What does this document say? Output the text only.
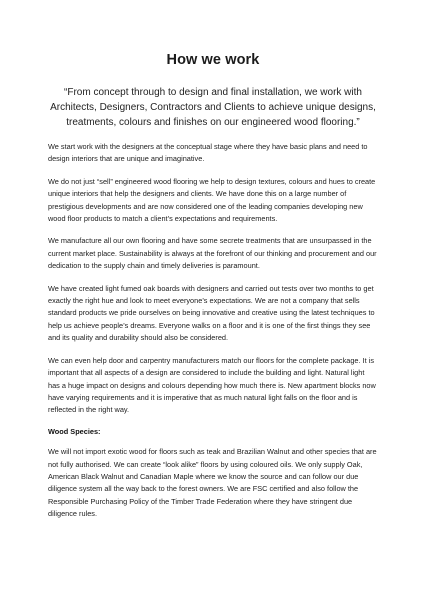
How we work

“From concept through to design and final installation, we work with Architects, Designers, Contractors and Clients to achieve unique designs, treatments, colours and finishes on our engineered wood flooring.”

We start work with the designers at the conceptual stage where they have basic plans and need to design interiors that are unique and imaginative.

We do not just “sell” engineered wood flooring we help to design textures, colours and hues to create unique interiors that help the designers and clients. We have done this on a large number of prestigious developments and are now considered one of the leading companies developing new wood floor products to match a client’s expectations and requirements.

We manufacture all our own flooring and have some secrete treatments that are unsurpassed in the current market place. Sustainability is always at the forefront of our thinking and procurement and our dedication to the supply chain and timely deliveries is paramount.

We have created light fumed oak boards with designers and carried out tests over two months to get exactly the right hue and look to meet everyone’s expectations. We are not a company that sells standard products we pride ourselves on being innovative and creative using the latest techniques to help us achieve people’s dreams. Everyone walks on a floor and it is one of the first things they see and its quality and durability should also be considered.

We can even help door and carpentry manufacturers match our floors for the complete package. It is important that all aspects of a design are considered to include the building and light. Natural light has a huge impact on designs and colours depending how much there is. New apartment blocks now have varying requirements and it is imperative that as much natural light falls on the floor and is reflected in the right way.

Wood Species:

We will not import exotic wood for floors such as teak and Brazilian Walnut and other species that are not fully authorised. We can create “look alike” floors by using coloured oils. We only supply Oak, American Black Walnut and Canadian Maple where we know the source and can follow our due diligence system all the way back to the forest owners. We are FSC certified and also follow the Responsible Purchasing Policy of the Timber Trade Federation where they have stringent due diligence rules.
